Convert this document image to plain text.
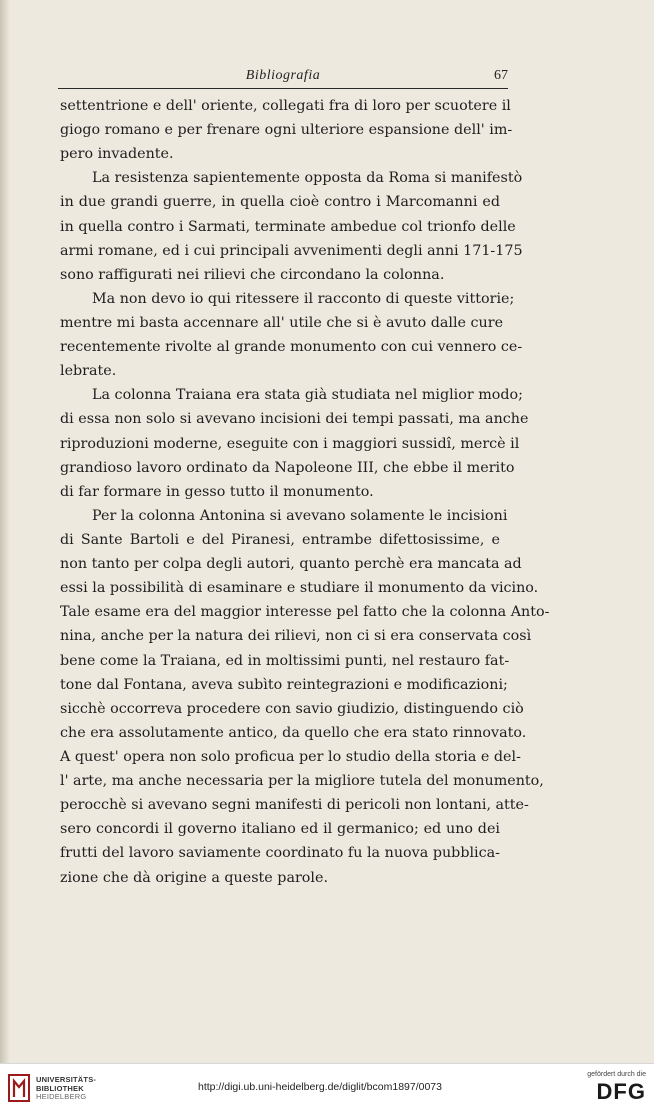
Bibliografia	67
settentrione e dell' oriente, collegati fra di loro per scuotere il
giogo romano e per frenare ogni ulteriore espansione dell' im-
pero invadente.
La resistenza sapientemente opposta da Roma si manifestò
in due grandi guerre, in quella cioè contro i Marcomanni ed
in quella contro i Sarmati, terminate ambedue col trionfo delle
armi romane, ed i cui principali avvenimenti degli anni 171-175
sono raffigurati nei rilievi che circondano la colonna.
Ma non devo io qui ritessere il racconto di queste vittorie;
mentre mi basta accennare all' utile che si è avuto dalle cure
recentemente rivolte al grande monumento con cui vennero ce-
lebrate.
La colonna Traiana era stata già studiata nel miglior modo;
di essa non solo si avevano incisioni dei tempi passati, ma anche
riproduzioni moderne, eseguite con i maggiori sussidî, mercè il
grandioso lavoro ordinato da Napoleone III, che ebbe il merito
di far formare in gesso tutto il monumento.
Per la colonna Antonina si avevano solamente le incisioni
di Sante Bartoli e del Piranesi, entrambe difettosissime, e
non tanto per colpa degli autori, quanto perchè era mancata ad
essi la possibilità di esaminare e studiare il monumento da vicino.
Tale esame era del maggior interesse pel fatto che la colonna Anto-
nina, anche per la natura dei rilievi, non ci si era conservata così
bene come la Traiana, ed in moltissimi punti, nel restauro fat-
tone dal Fontana, aveva subìto reintegrazioni e modificazioni;
sicchè occorreva procedere con savio giudizio, distinguendo ciò
che era assolutamente antico, da quello che era stato rinnovato.
A quest' opera non solo proficua per lo studio della storia e del-
l' arte, ma anche necessaria per la migliore tutela del monumento,
perocchè si avevano segni manifesti di pericoli non lontani, atte-
sero concordi il governo italiano ed il germanico; ed uno dei
frutti del lavoro saviamente coordinato fu la nuova pubblica-
zione che dà origine a queste parole.
UNIVERSITÄTS-
BIBLIOTHEK
HEIDELBERG
http://digi.ub.uni-heidelberg.de/diglit/bcom1897/0073
gefördert durch die
DFG
